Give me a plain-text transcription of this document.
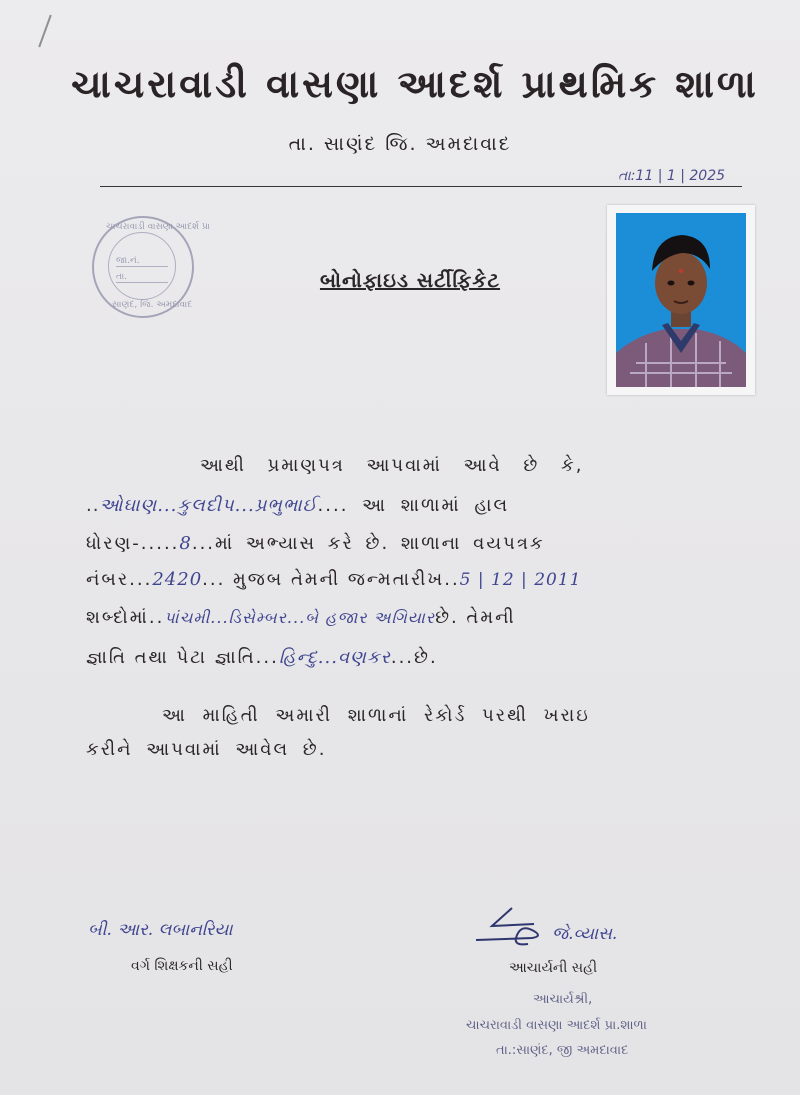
ચાચરાવાડી વાસણા આદર્શ પ્રાથમિક શાળા
તા. સાણંદ જિ. અમદાવાદ
તા:11 | 1 | 2025
ચાચરાવાડી વાસણા આદર્શ પ્રા
જા.નં.
તા.
સાણંદ, જિ. અમદાવાદ
બોનોફાઇડ સર્ટીફિકેટ
આથી પ્રમાણપત્ર આપવામાં આવે છે કે,
..ઓઘાણ...કુલદીપ...પ્રભુભાઈ.... આ શાળામાં હાલ
ધોરણ-.....8...માં અભ્યાસ કરે છે. શાળાના વયપત્રક
નંબર...2420... મુજબ તેમની જન્મતારીખ..5 | 12 | 2011
શબ્દોમાં..પાંચમી...ડિસેમ્બર...બે હજાર અગિયારછે. તેમની
જ્ઞાતિ તથા પેટા જ્ઞાતિ...હિન્દુ...વણકર...છે.
આ માહિતી અમારી શાળાનાં રેકોર્ડ પરથી ખરાઇ
કરીને આપવામાં આવેલ છે.
બી. આર. લબાનરિયા
વર્ગ શિક્ષકની સહી
જે.વ્યાસ.
આચાર્યની સહી
આચાર્યશ્રી,
ચાચરાવાડી વાસણા આદર્શ પ્રા.શાળા
તા.:સાણંદ, જી અમદાવાદ
